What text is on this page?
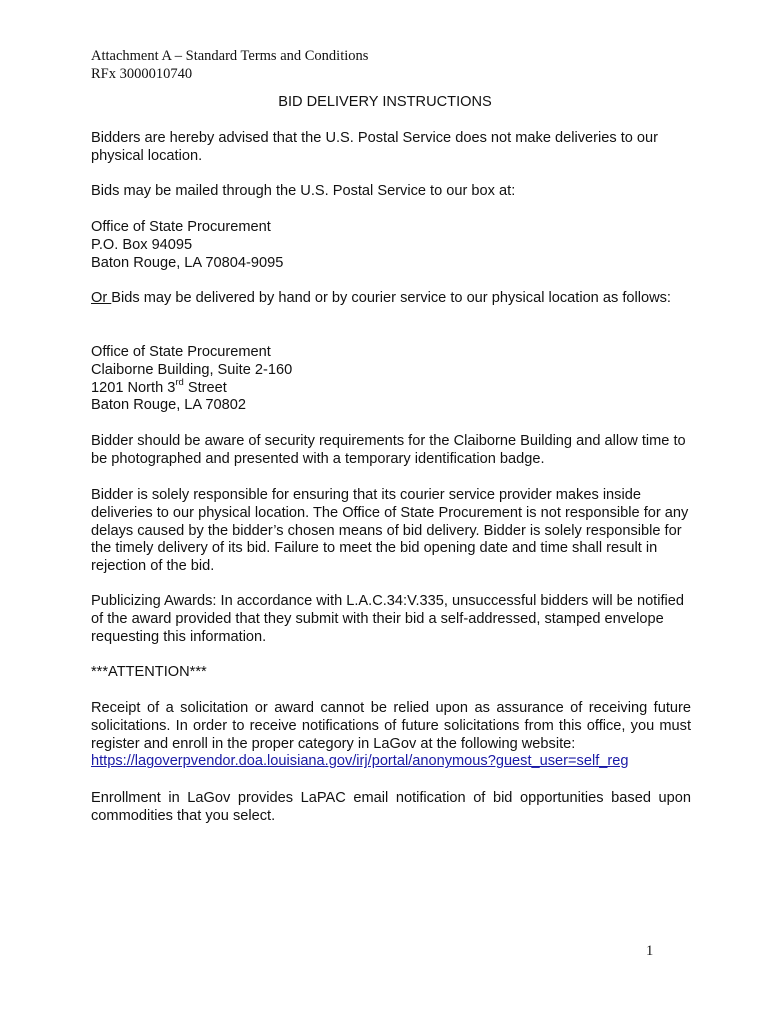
Attachment A – Standard Terms and Conditions
RFx 3000010740
BID DELIVERY INSTRUCTIONS
Bidders are hereby advised that the U.S. Postal Service does not make deliveries to our physical location.
Bids may be mailed through the U.S. Postal Service to our box at:
Office of State Procurement
P.O. Box 94095
Baton Rouge, LA 70804-9095
Or Bids may be delivered by hand or by courier service to our physical location as follows:
Office of State Procurement
Claiborne Building, Suite 2-160
1201 North 3rd Street
Baton Rouge, LA 70802
Bidder should be aware of security requirements for the Claiborne Building and allow time to be photographed and presented with a temporary identification badge.
Bidder is solely responsible for ensuring that its courier service provider makes inside deliveries to our physical location. The Office of State Procurement is not responsible for any delays caused by the bidder’s chosen means of bid delivery. Bidder is solely responsible for the timely delivery of its bid. Failure to meet the bid opening date and time shall result in rejection of the bid.
Publicizing Awards: In accordance with L.A.C.34:V.335, unsuccessful bidders will be notified of the award provided that they submit with their bid a self-addressed, stamped envelope requesting this information.
***ATTENTION***
Receipt of a solicitation or award cannot be relied upon as assurance of receiving future solicitations. In order to receive notifications of future solicitations from this office, you must register and enroll in the proper category in LaGov at the following website:
https://lagoverpvendor.doa.louisiana.gov/irj/portal/anonymous?guest_user=self_reg
Enrollment in LaGov provides LaPAC email notification of bid opportunities based upon commodities that you select.
1
